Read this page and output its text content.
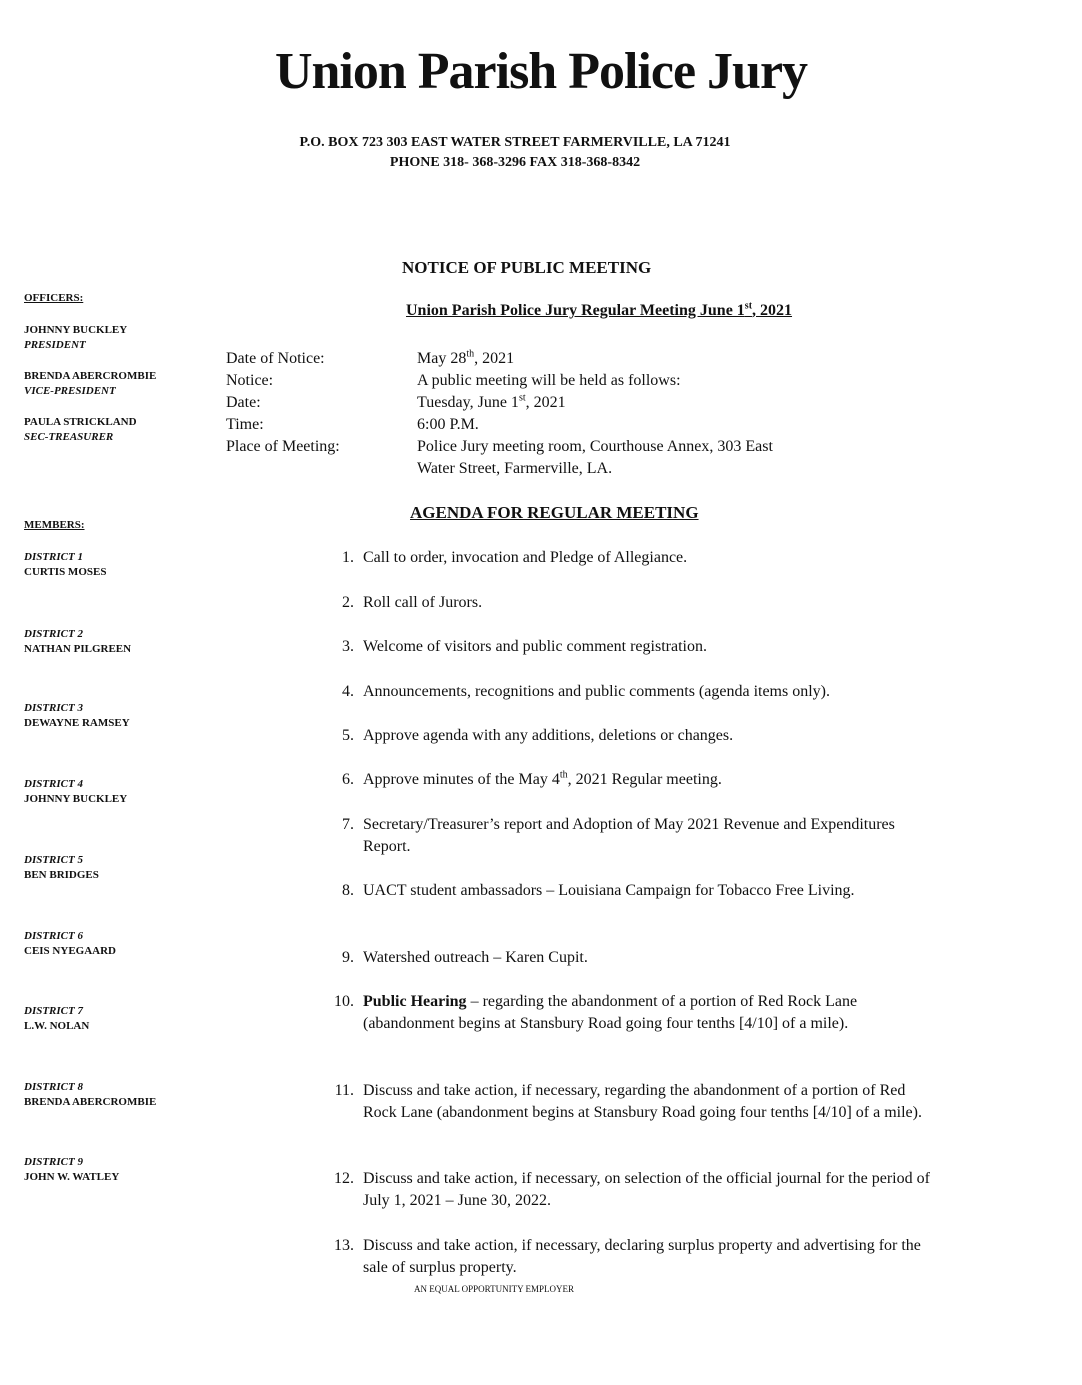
Union Parish Police Jury
P.O. BOX 723 303 EAST WATER STREET FARMERVILLE, LA 71241
PHONE 318- 368-3296 FAX 318-368-8342
NOTICE OF PUBLIC MEETING
Union Parish Police Jury Regular Meeting June 1st, 2021
OFFICERS:
JOHNNY BUCKLEY
PRESIDENT
BRENDA ABERCROMBIE
VICE-PRESIDENT
PAULA STRICKLAND
SEC-TREASURER
MEMBERS:
DISTRICT 1
CURTIS MOSES
DISTRICT 2
NATHAN PILGREEN
DISTRICT 3
DEWAYNE RAMSEY
DISTRICT 4
JOHNNY BUCKLEY
DISTRICT 5
BEN BRIDGES
DISTRICT 6
CEIS NYEGAARD
DISTRICT 7
L.W. NOLAN
DISTRICT 8
BRENDA ABERCROMBIE
DISTRICT 9
JOHN W. WATLEY
Date of Notice:	May 28th, 2021
Notice:	A public meeting will be held as follows:
Date:	Tuesday, June 1st, 2021
Time:	6:00 P.M.
Place of Meeting:	Police Jury meeting room, Courthouse Annex, 303 East
Water Street, Farmerville, LA.
AGENDA FOR REGULAR MEETING
1. Call to order, invocation and Pledge of Allegiance.
2. Roll call of Jurors.
3. Welcome of visitors and public comment registration.
4. Announcements, recognitions and public comments (agenda items only).
5. Approve agenda with any additions, deletions or changes.
6. Approve minutes of the May 4th, 2021 Regular meeting.
7. Secretary/Treasurer’s report and Adoption of May 2021 Revenue and Expenditures Report.
8. UACT student ambassadors – Louisiana Campaign for Tobacco Free Living.
9. Watershed outreach – Karen Cupit.
10. Public Hearing – regarding the abandonment of a portion of Red Rock Lane (abandonment begins at Stansbury Road going four tenths [4/10] of a mile).
11. Discuss and take action, if necessary, regarding the abandonment of a portion of Red Rock Lane (abandonment begins at Stansbury Road going four tenths [4/10] of a mile).
12. Discuss and take action, if necessary, on selection of the official journal for the period of July 1, 2021 – June 30, 2022.
13. Discuss and take action, if necessary, declaring surplus property and advertising for the sale of surplus property.
AN EQUAL OPPORTUNITY EMPLOYER
